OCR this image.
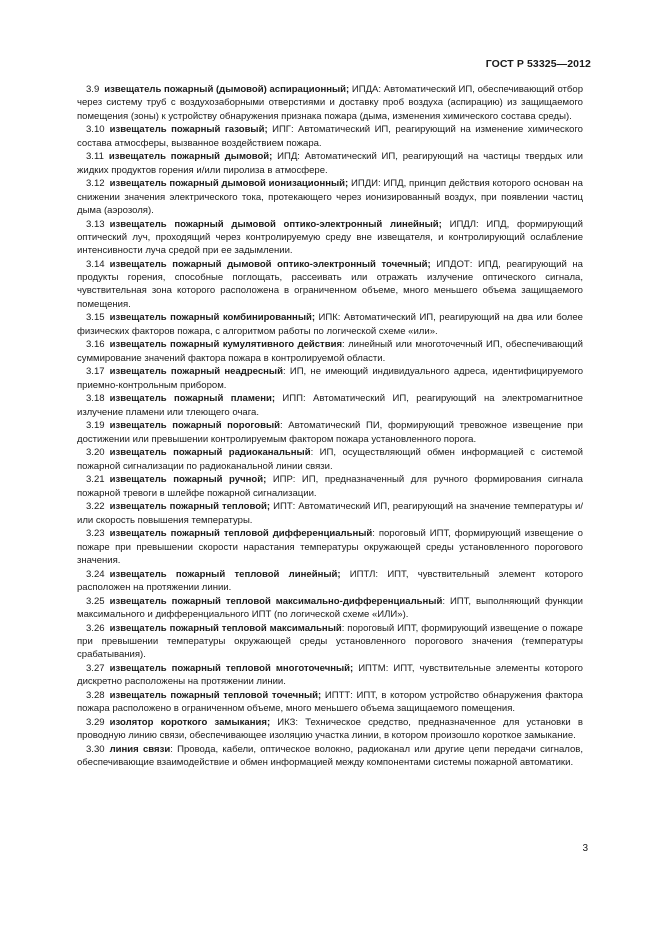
ГОСТ Р 53325—2012

3.9 извещатель пожарный (дымовой) аспирационный; ИПДА: Автоматический ИП, обеспечивающий отбор через систему труб с воздухозаборными отверстиями и доставку проб воздуха (аспирацию) из защищаемого помещения (зоны) к устройству обнаружения признака пожара (дыма, изменения химического состава среды).

3.10 извещатель пожарный газовый; ИПГ: Автоматический ИП, реагирующий на изменение химического состава атмосферы, вызванное воздействием пожара.

3.11 извещатель пожарный дымовой; ИПД: Автоматический ИП, реагирующий на частицы твердых или жидких продуктов горения и/или пиролиза в атмосфере.

3.12 извещатель пожарный дымовой ионизационный; ИПДИ: ИПД, принцип действия которого основан на снижении значения электрического тока, протекающего через ионизированный воздух, при появлении частиц дыма (аэрозоля).

3.13 извещатель пожарный дымовой оптико-электронный линейный; ИПДЛ: ИПД, формирующий оптический луч, проходящий через контролируемую среду вне извещателя, и контролирующий ослабление интенсивности луча средой при ее задымлении.

3.14 извещатель пожарный дымовой оптико-электронный точечный; ИПДОТ: ИПД, реагирующий на продукты горения, способные поглощать, рассеивать или отражать излучение оптического сигнала, чувствительная зона которого расположена в ограниченном объеме, много меньшего объема защищаемого помещения.

3.15 извещатель пожарный комбинированный; ИПК: Автоматический ИП, реагирующий на два или более физических факторов пожара, с алгоритмом работы по логической схеме «или».

3.16 извещатель пожарный кумулятивного действия: линейный или многоточечный ИП, обеспечивающий суммирование значений фактора пожара в контролируемой области.

3.17 извещатель пожарный неадресный: ИП, не имеющий индивидуального адреса, идентифицируемого приемно-контрольным прибором.

3.18 извещатель пожарный пламени; ИПП: Автоматический ИП, реагирующий на электромагнитное излучение пламени или тлеющего очага.

3.19 извещатель пожарный пороговый: Автоматический ПИ, формирующий тревожное извещение при достижении или превышении контролируемым фактором пожара установленного порога.

3.20 извещатель пожарный радиоканальный: ИП, осуществляющий обмен информацией с системой пожарной сигнализации по радиоканальной линии связи.

3.21 извещатель пожарный ручной; ИПР: ИП, предназначенный для ручного формирования сигнала пожарной тревоги в шлейфе пожарной сигнализации.

3.22 извещатель пожарный тепловой; ИПТ: Автоматический ИП, реагирующий на значение температуры и/или скорость повышения температуры.

3.23 извещатель пожарный тепловой дифференциальный: пороговый ИПТ, формирующий извещение о пожаре при превышении скорости нарастания температуры окружающей среды установленного порогового значения.

3.24 извещатель пожарный тепловой линейный; ИПТЛ: ИПТ, чувствительный элемент которого расположен на протяжении линии.

3.25 извещатель пожарный тепловой максимально-дифференциальный: ИПТ, выполняющий функции максимального и дифференциального ИПТ (по логической схеме «ИЛИ»).

3.26 извещатель пожарный тепловой максимальный: пороговый ИПТ, формирующий извещение о пожаре при превышении температуры окружающей среды установленного порогового значения (температуры срабатывания).

3.27 извещатель пожарный тепловой многоточечный; ИПТМ: ИПТ, чувствительные элементы которого дискретно расположены на протяжении линии.

3.28 извещатель пожарный тепловой точечный; ИПТТ: ИПТ, в котором устройство обнаружения фактора пожара расположено в ограниченном объеме, много меньшего объема защищаемого помещения.

3.29 изолятор короткого замыкания; ИКЗ: Техническое средство, предназначенное для установки в проводную линию связи, обеспечивающее изоляцию участка линии, в котором произошло короткое замыкание.

3.30 линия связи: Провода, кабели, оптическое волокно, радиоканал или другие цепи передачи сигналов, обеспечивающие взаимодействие и обмен информацией между компонентами системы пожарной автоматики.

3
